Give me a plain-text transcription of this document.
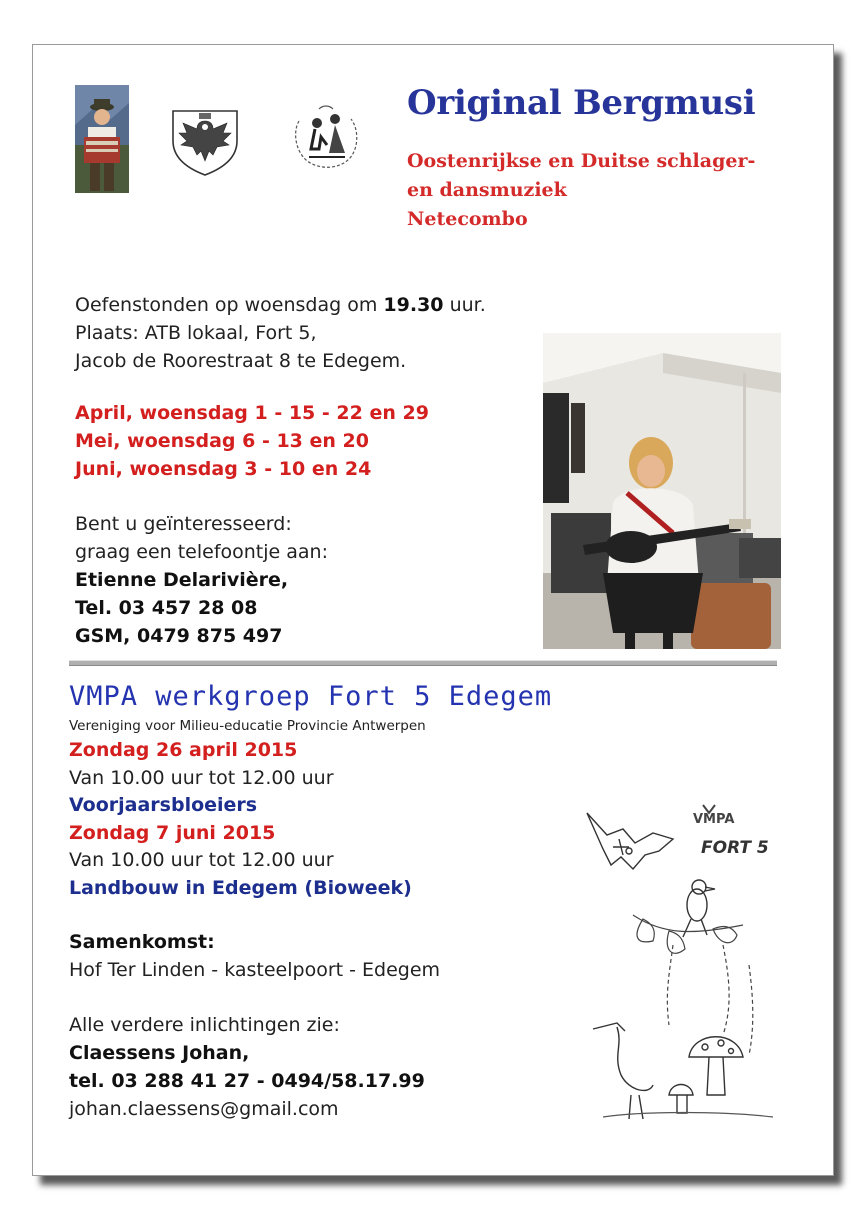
Original Bergmusi
Oostenrijkse en Duitse schlager-
en dansmuziek
Netecombo
Oefenstonden op woensdag om 19.30 uur.
Plaats: ATB lokaal, Fort 5,
Jacob de Roorestraat 8 te Edegem.
April, woensdag 1 - 15 - 22 en 29
Mei, woensdag 6 - 13 en 20
Juni, woensdag 3 - 10 en 24
Bent u geïnteresseerd:
graag een telefoontje aan:
Etienne Delarivière,
Tel. 03 457 28 08
GSM, 0479 875 497
VMPA werkgroep Fort 5 Edegem
Vereniging voor Milieu-educatie Provincie Antwerpen
Zondag 26 april 2015
Van 10.00 uur tot 12.00 uur
Voorjaarsbloeiers
Zondag 7 juni 2015
Van 10.00 uur tot 12.00 uur
Landbouw in Edegem (Bioweek)
Samenkomst:
Hof Ter Linden - kasteelpoort - Edegem
Alle verdere inlichtingen zie:
Claessens Johan,
tel. 03 288 41 27 - 0494/58.17.99
johan.claessens@gmail.com
VMPA
FORT 5
